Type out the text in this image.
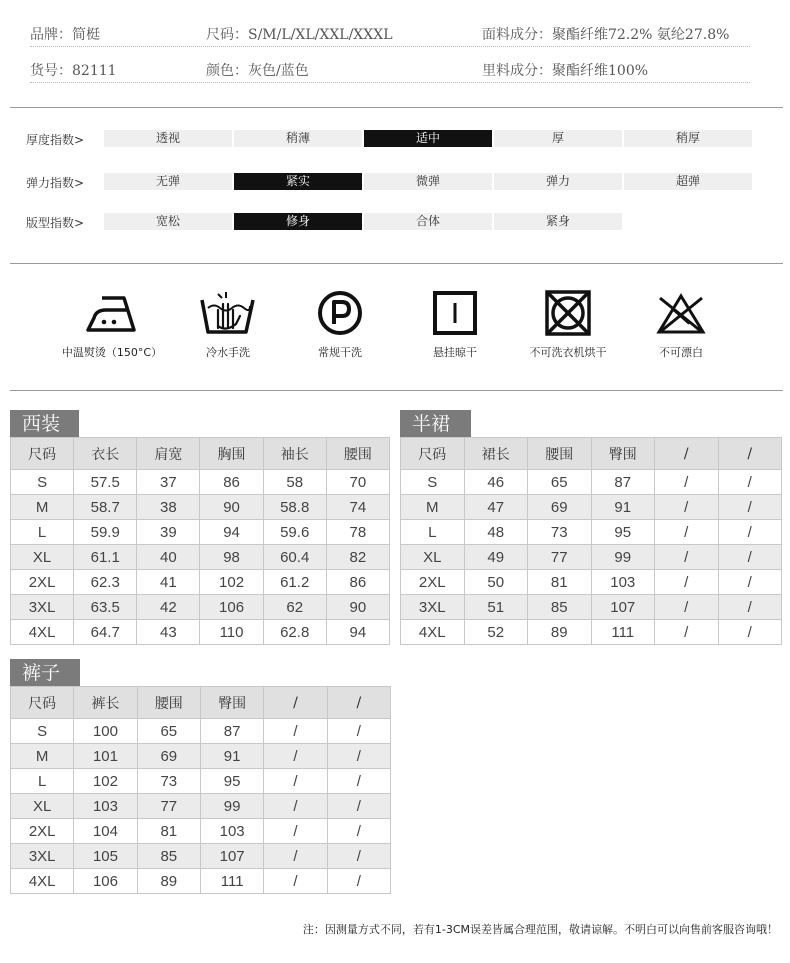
品牌：简梃	尺码：S/M/L/XL/XXL/XXXL	面料成分：聚酯纤维72.2% 氨纶27.8%
货号：82111	颜色：灰色/蓝色	里料成分：聚酯纤维100%
厚度指数>	透视	稍薄	适中	厚	稍厚
弹力指数>	无弹	紧实	微弹	弹力	超弹
版型指数>	宽松	修身	合体	紧身
中温熨烫（150°C）	冷水手洗	常规干洗	悬挂晾干	不可洗衣机烘干	不可漂白
西装
尺码	衣长	肩宽	胸围	袖长	腰围
S	57.5	37	86	58	70
M	58.7	38	90	58.8	74
L	59.9	39	94	59.6	78
XL	61.1	40	98	60.4	82
2XL	62.3	41	102	61.2	86
3XL	63.5	42	106	62	90
4XL	64.7	43	110	62.8	94
半裙
尺码	裙长	腰围	臀围	/	/
S	46	65	87	/	/
M	47	69	91	/	/
L	48	73	95	/	/
XL	49	77	99	/	/
2XL	50	81	103	/	/
3XL	51	85	107	/	/
4XL	52	89	111	/	/
裤子
尺码	裤长	腰围	臀围	/	/
S	100	65	87	/	/
M	101	69	91	/	/
L	102	73	95	/	/
XL	103	77	99	/	/
2XL	104	81	103	/	/
3XL	105	85	107	/	/
4XL	106	89	111	/	/
注：因测量方式不同，若有1-3CM误差皆属合理范围，敬请谅解。不明白可以向售前客服咨询哦！
